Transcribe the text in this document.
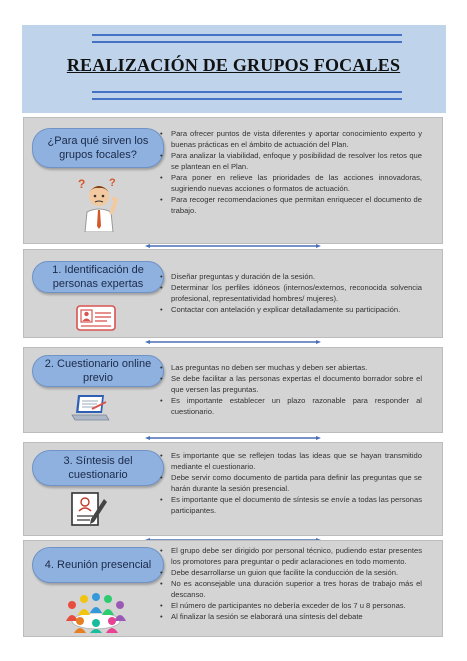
REALIZACIÓN DE GRUPOS FOCALES
¿Para qué sirven los grupos focales?
? ?
• Para ofrecer puntos de vista diferentes y aportar conocimiento experto y buenas prácticas en el ámbito de actuación del Plan.
• Para analizar la viabilidad, enfoque y posibilidad de resolver los retos que se plantean en el Plan.
• Para poner en relieve las prioridades de las acciones innovadoras, sugiriendo nuevas acciones o formatos de actuación.
• Para recoger recomendaciones que permitan enriquecer el documento de trabajo.
1. Identificación de personas expertas
• Diseñar preguntas y duración de la sesión.
• Determinar los perfiles idóneos (internos/externos, reconocida solvencia profesional, representatividad hombres/ mujeres).
• Contactar con antelación y explicar detalladamente su participación.
2. Cuestionario online previo
• Las preguntas no deben ser muchas y deben ser abiertas.
• Se debe facilitar a las personas expertas el documento borrador sobre el que versen las preguntas.
• Es importante establecer un plazo razonable para responder al cuestionario.
3. Síntesis del cuestionario
• Es importante que se reflejen todas las ideas que se hayan transmitido mediante el cuestionario.
• Debe servir como documento de partida para definir las preguntas que se harán durante la sesión presencial.
• Es importante que el documento de síntesis se envíe a todas las personas participantes.
4. Reunión presencial
• El grupo debe ser dirigido por personal técnico, pudiendo estar presentes los promotores para preguntar o pedir aclaraciones en todo momento.
• Debe desarrollarse un guion que facilite la conducción de la sesión.
• No es aconsejable una duración superior a tres horas de trabajo más el descanso.
• El número de participantes no debería exceder de los 7 u 8 personas.
• Al finalizar la sesión se elaborará una síntesis del debate
